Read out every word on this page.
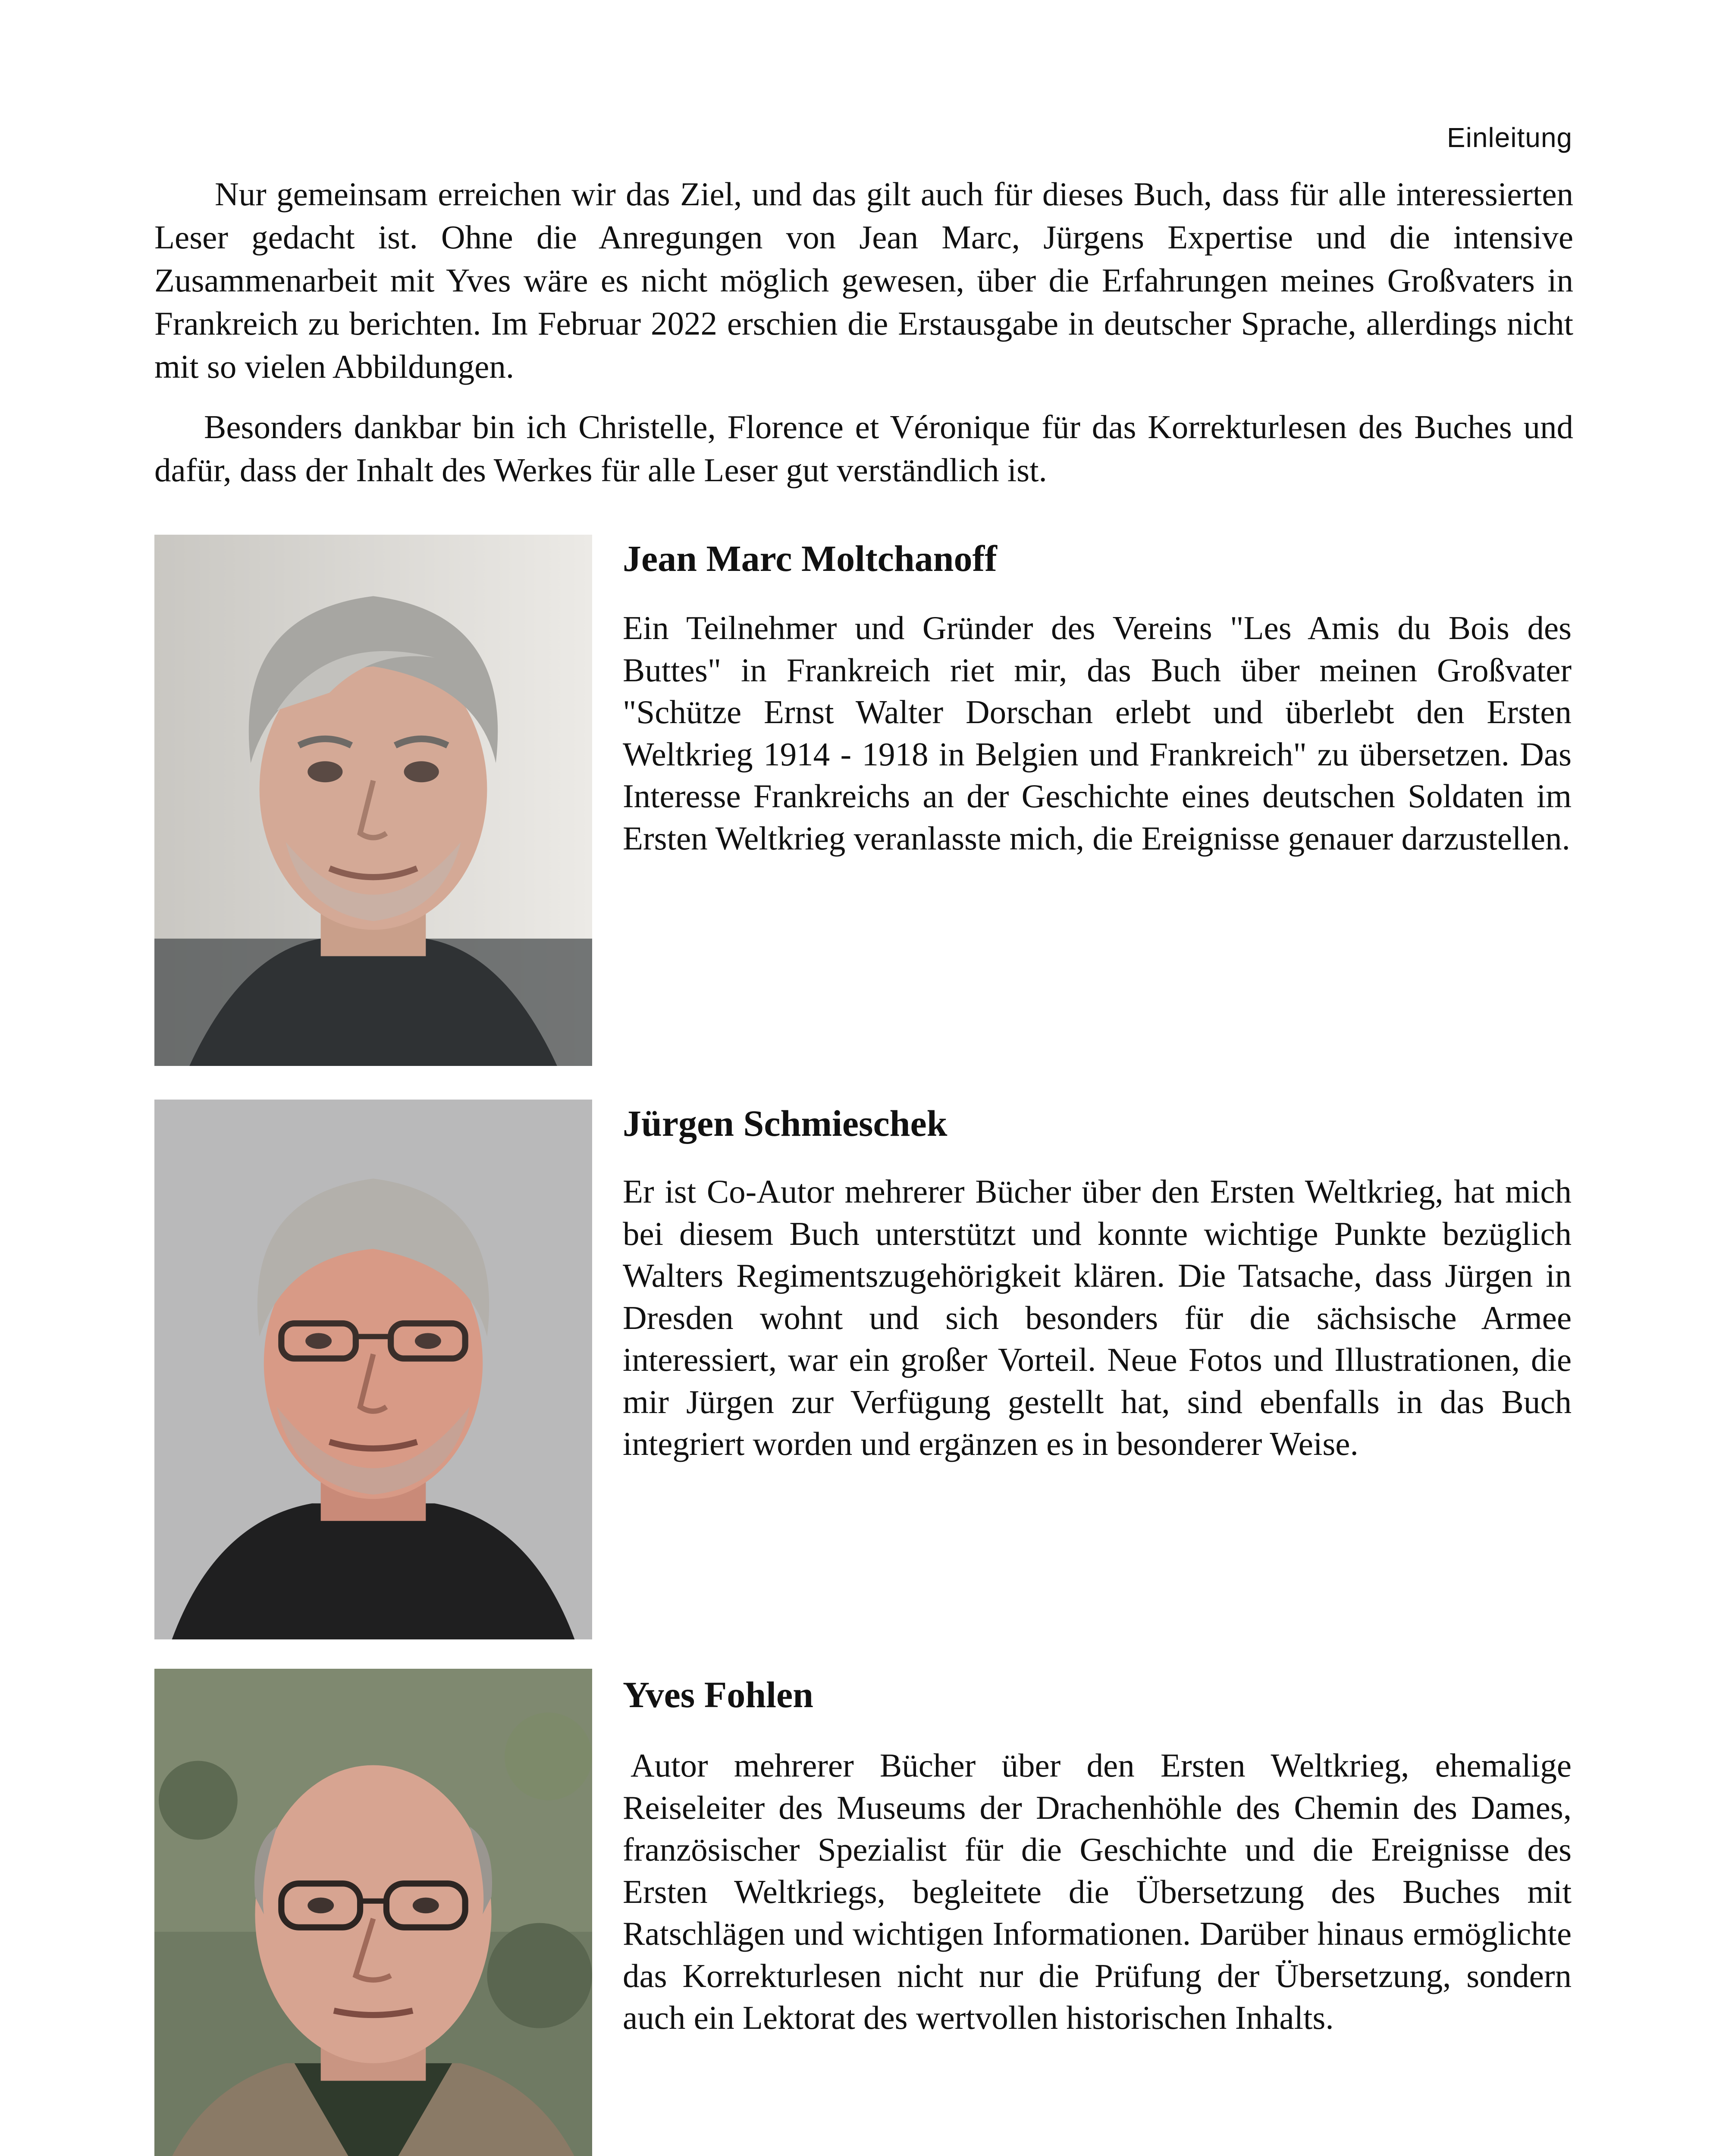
Einleitung

Nur gemeinsam erreichen wir das Ziel, und das gilt auch für dieses Buch, dass für alle interessierten Leser gedacht ist. Ohne die Anregungen von Jean Marc, Jürgens Expertise und die intensive Zusammenarbeit mit Yves wäre es nicht möglich gewesen, über die Erfahrungen meines Großvaters in Frankreich zu berichten. Im Februar 2022 erschien die Erstausgabe in deutscher Sprache, allerdings nicht mit so vielen Abbildungen.

Besonders dankbar bin ich Christelle, Florence et Véronique für das Korrekturlesen des Buches und dafür, dass der Inhalt des Werkes für alle Leser gut verständlich ist.

Jean Marc Moltchanoff

Ein Teilnehmer und Gründer des Vereins "Les Amis du Bois des Buttes" in Frankreich riet mir, das Buch über meinen Großvater "Schütze Ernst Walter Dorschan erlebt und überlebt den Ersten Weltkrieg 1914 - 1918 in Belgien und Frankreich" zu übersetzen. Das Interesse Frankreichs an der Geschichte eines deutschen Soldaten im Ersten Weltkrieg veranlasste mich, die Ereignisse genauer darzustellen.

Jürgen Schmieschek

Er ist Co-Autor mehrerer Bücher über den Ersten Weltkrieg, hat mich bei diesem Buch unterstützt und konnte wichtige Punkte bezüglich Walters Regimentszugehörigkeit klären. Die Tatsache, dass Jürgen in Dresden wohnt und sich besonders für die sächsische Armee interessiert, war ein großer Vorteil. Neue Fotos und Illustrationen, die mir Jürgen zur Verfügung gestellt hat, sind ebenfalls in das Buch integriert worden und ergänzen es in besonderer Weise.

Yves Fohlen

Autor mehrerer Bücher über den Ersten Weltkrieg, ehemalige Reiseleiter des Museums der Drachenhöhle des Chemin des Dames, französischer Spezialist für die Geschichte und die Ereignisse des Ersten Weltkriegs, begleitete die Übersetzung des Buches mit Ratschlägen und wichtigen Informationen. Darüber hinaus ermöglichte das Korrekturlesen nicht nur die Prüfung der Übersetzung, sondern auch ein Lektorat des wertvollen historischen Inhalts.
